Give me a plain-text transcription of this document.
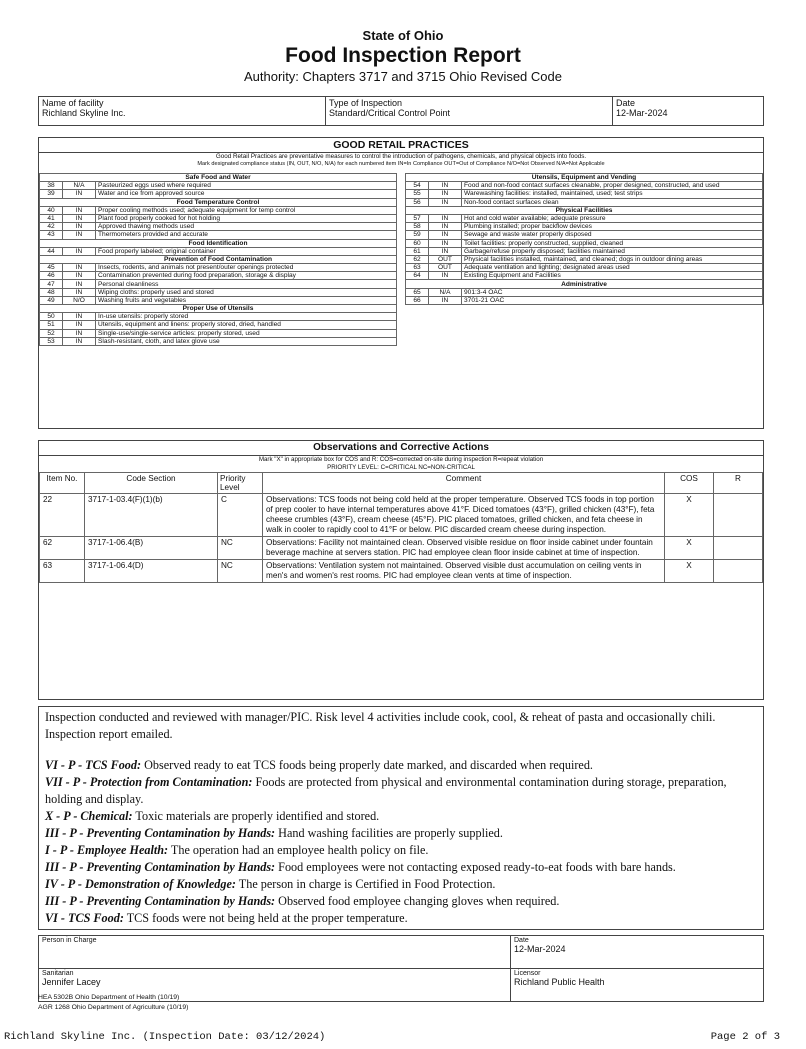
State of Ohio
Food Inspection Report
Authority: Chapters 3717 and 3715 Ohio Revised Code
Name of facility
Richland Skyline Inc.

Type of Inspection
Standard/Critical Control Point

Date
12-Mar-2024
GOOD RETAIL PRACTICES
Good Retail Practices are preventative measures to control the introduction of pathogens, chemicals, and physical objects into foods.
Mark designated compliance status (IN, OUT, N/O, N/A) for each numbered item IN=In Compliance OUT=Out of Compliance N/O=Not Observed N/A=Not Applicable
Safe Food and Water		
38	N/A	Pasteurized eggs used where required
39	IN	Water and ice from approved source
Food Temperature Control		
40	IN	Proper cooling methods used; adequate equipment for temp control
41	IN	Plant food properly cooked for hot holding
42	IN	Approved thawing methods used
43	IN	Thermometers provided and accurate
Food Identification		
44	IN	Food properly labeled; original container
Prevention of Food Contamination		
45	IN	Insects, rodents, and animals not present/outer openings protected
46	IN	Contamination prevented during food preparation, storage & display
47	IN	Personal cleanliness
48	IN	Wiping cloths: properly used and stored
49	N/O	Washing fruits and vegetables
Proper Use of Utensils		
50	IN	In-use utensils: properly stored
51	IN	Utensils, equipment and linens: properly stored, dried, handled
52	IN	Single-use/single-service articles: properly stored, used
53	IN	Slash-resistant, cloth, and latex glove use
Utensils, Equipment and Vending		
54	IN	Food and non-food contact surfaces cleanable, proper designed, constructed, and used
55	IN	Warewashing facilities: installed, maintained, used; test strips
56	IN	Non-food contact surfaces clean
Physical Facilities		
57	IN	Hot and cold water available; adequate pressure
58	IN	Plumbing installed; proper backflow devices
59	IN	Sewage and waste water properly disposed
60	IN	Toilet facilities: properly constructed, supplied, cleaned
61	IN	Garbage/refuse properly disposed; facilities maintained
62	OUT	Physical facilities installed, maintained, and cleaned; dogs in outdoor dining areas
63	OUT	Adequate ventilation and lighting; designated areas used
64	IN	Existing Equipment and Facilities
Administrative		
65	N/A	901:3-4 OAC
66	IN	3701-21 OAC
Observations and Corrective Actions
Mark "X" in appropriate box for COS and R: COS=corrected on-site during inspection R=repeat violation
PRIORITY LEVEL: C=CRITICAL NC=NON-CRITICAL
Item No.	Code Section	Priority Level	Comment	COS	R
22	3717-1-03.4(F)(1)(b)	C	Observations: TCS foods not being cold held at the proper temperature. Observed TCS foods in top portion of prep cooler to have internal temperatures above 41°F. Diced tomatoes (43°F), grilled chicken (43°F), feta cheese crumbles (43°F), cream cheese (45°F). PIC placed tomatoes, grilled chicken, and feta cheese in walk in cooler to rapidly cool to 41°F or below. PIC discarded cream cheese during inspection.	X	
62	3717-1-06.4(B)	NC	Observations: Facility not maintained clean. Observed visible residue on floor inside cabinet under fountain beverage machine at servers station. PIC had employee clean floor inside cabinet at time of inspection.	X	
63	3717-1-06.4(D)	NC	Observations: Ventilation system not maintained. Observed visible dust accumulation on ceiling vents in men's and women's rest rooms. PIC had employee clean vents at time of inspection.	X	

Inspection conducted and reviewed with manager/PIC. Risk level 4 activities include cook, cool, & reheat of pasta and occasionally chili. Inspection report emailed.

VI - P - TCS Food: Observed ready to eat TCS foods being properly date marked, and discarded when required.

VII - P - Protection from Contamination: Foods are protected from physical and environmental contamination during storage, preparation, holding and display.

X - P - Chemical: Toxic materials are properly identified and stored.

III - P - Preventing Contamination by Hands: Hand washing facilities are properly supplied.

I - P - Employee Health: The operation had an employee health policy on file.

III - P - Preventing Contamination by Hands: Food employees were not contacting exposed ready-to-eat foods with bare hands.

IV - P - Demonstration of Knowledge: The person in charge is Certified in Food Protection.

III - P - Preventing Contamination by Hands: Observed food employee changing gloves when required.

VI - TCS Food: TCS foods were not being held at the proper temperature.

Person in Charge	Date
12-Mar-2024

Sanitarian
Jennifer Lacey	Licensor
Richland Public Health
HEA 5302B Ohio Department of Health (10/19)
AGR 1268 Ohio Department of Agriculture (10/19)
Richland Skyline Inc. (Inspection Date: 03/12/2024)	Page 2 of 3
